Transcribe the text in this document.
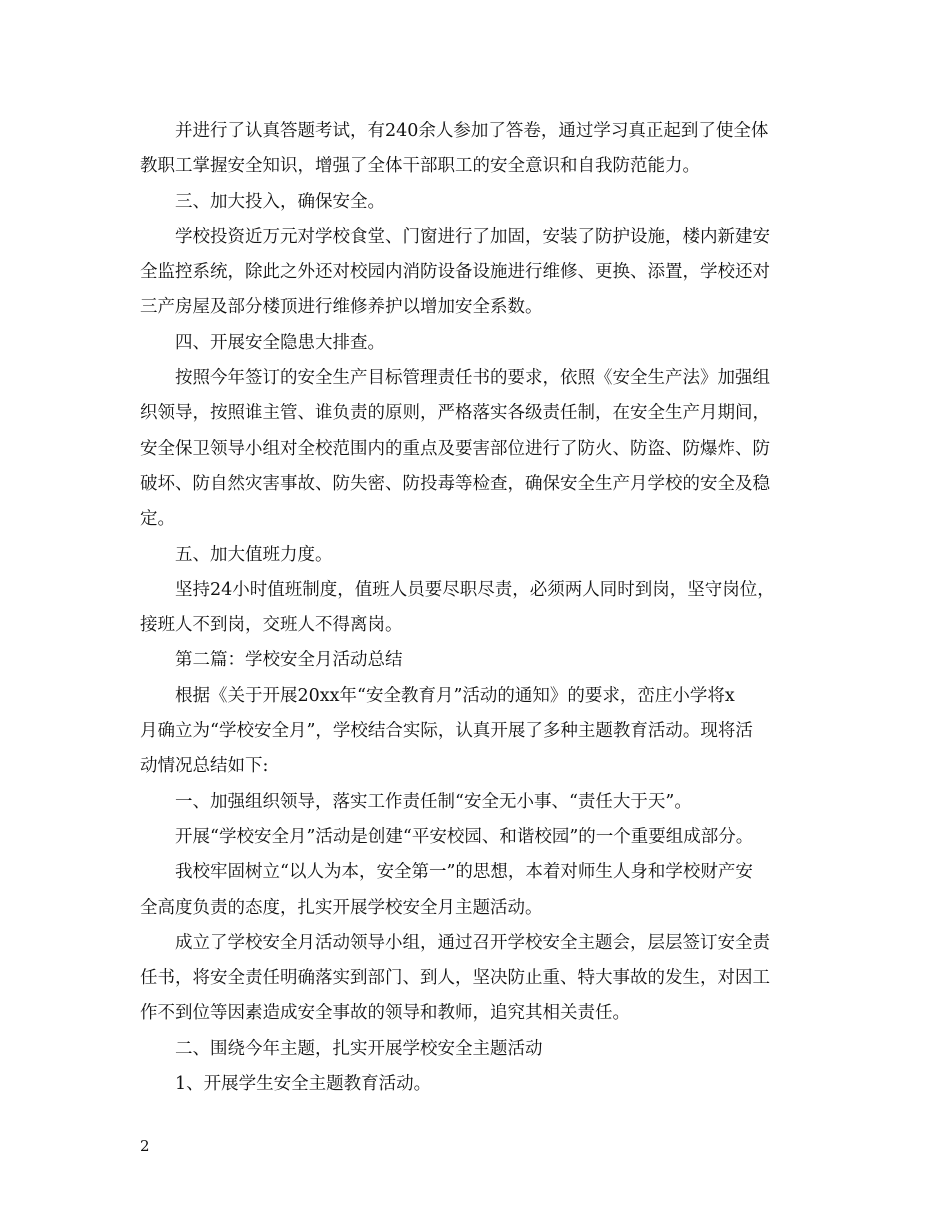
并进行了认真答题考试，有240余人参加了答卷，通过学习真正起到了使全体
教职工掌握安全知识，增强了全体干部职工的安全意识和自我防范能力。
三、加大投入，确保安全。
学校投资近万元对学校食堂、门窗进行了加固，安装了防护设施，楼内新建安
全监控系统，除此之外还对校园内消防设备设施进行维修、更换、添置，学校还对
三产房屋及部分楼顶进行维修养护以增加安全系数。
四、开展安全隐患大排查。
按照今年签订的安全生产目标管理责任书的要求，依照《安全生产法》加强组
织领导，按照谁主管、谁负责的原则，严格落实各级责任制，在安全生产月期间，
安全保卫领导小组对全校范围内的重点及要害部位进行了防火、防盗、防爆炸、防
破坏、防自然灾害事故、防失密、防投毒等检查，确保安全生产月学校的安全及稳
定。
五、加大值班力度。
坚持24小时值班制度，值班人员要尽职尽责，必须两人同时到岗，坚守岗位，
接班人不到岗，交班人不得离岗。
第二篇：学校安全月活动总结
根据《关于开展20xx年“安全教育月”活动的通知》的要求，峦庄小学将x
月确立为“学校安全月”，学校结合实际，认真开展了多种主题教育活动。现将活
动情况总结如下:
一、加强组织领导，落实工作责任制“安全无小事、“责任大于天”。
开展“学校安全月”活动是创建“平安校园、和谐校园”的一个重要组成部分。
我校牢固树立“以人为本，安全第一”的思想，本着对师生人身和学校财产安
全高度负责的态度，扎实开展学校安全月主题活动。
成立了学校安全月活动领导小组，通过召开学校安全主题会，层层签订安全责
任书，将安全责任明确落实到部门、到人，坚决防止重、特大事故的发生，对因工
作不到位等因素造成安全事故的领导和教师，追究其相关责任。
二、围绕今年主题，扎实开展学校安全主题活动
1、开展学生安全主题教育活动。
2
